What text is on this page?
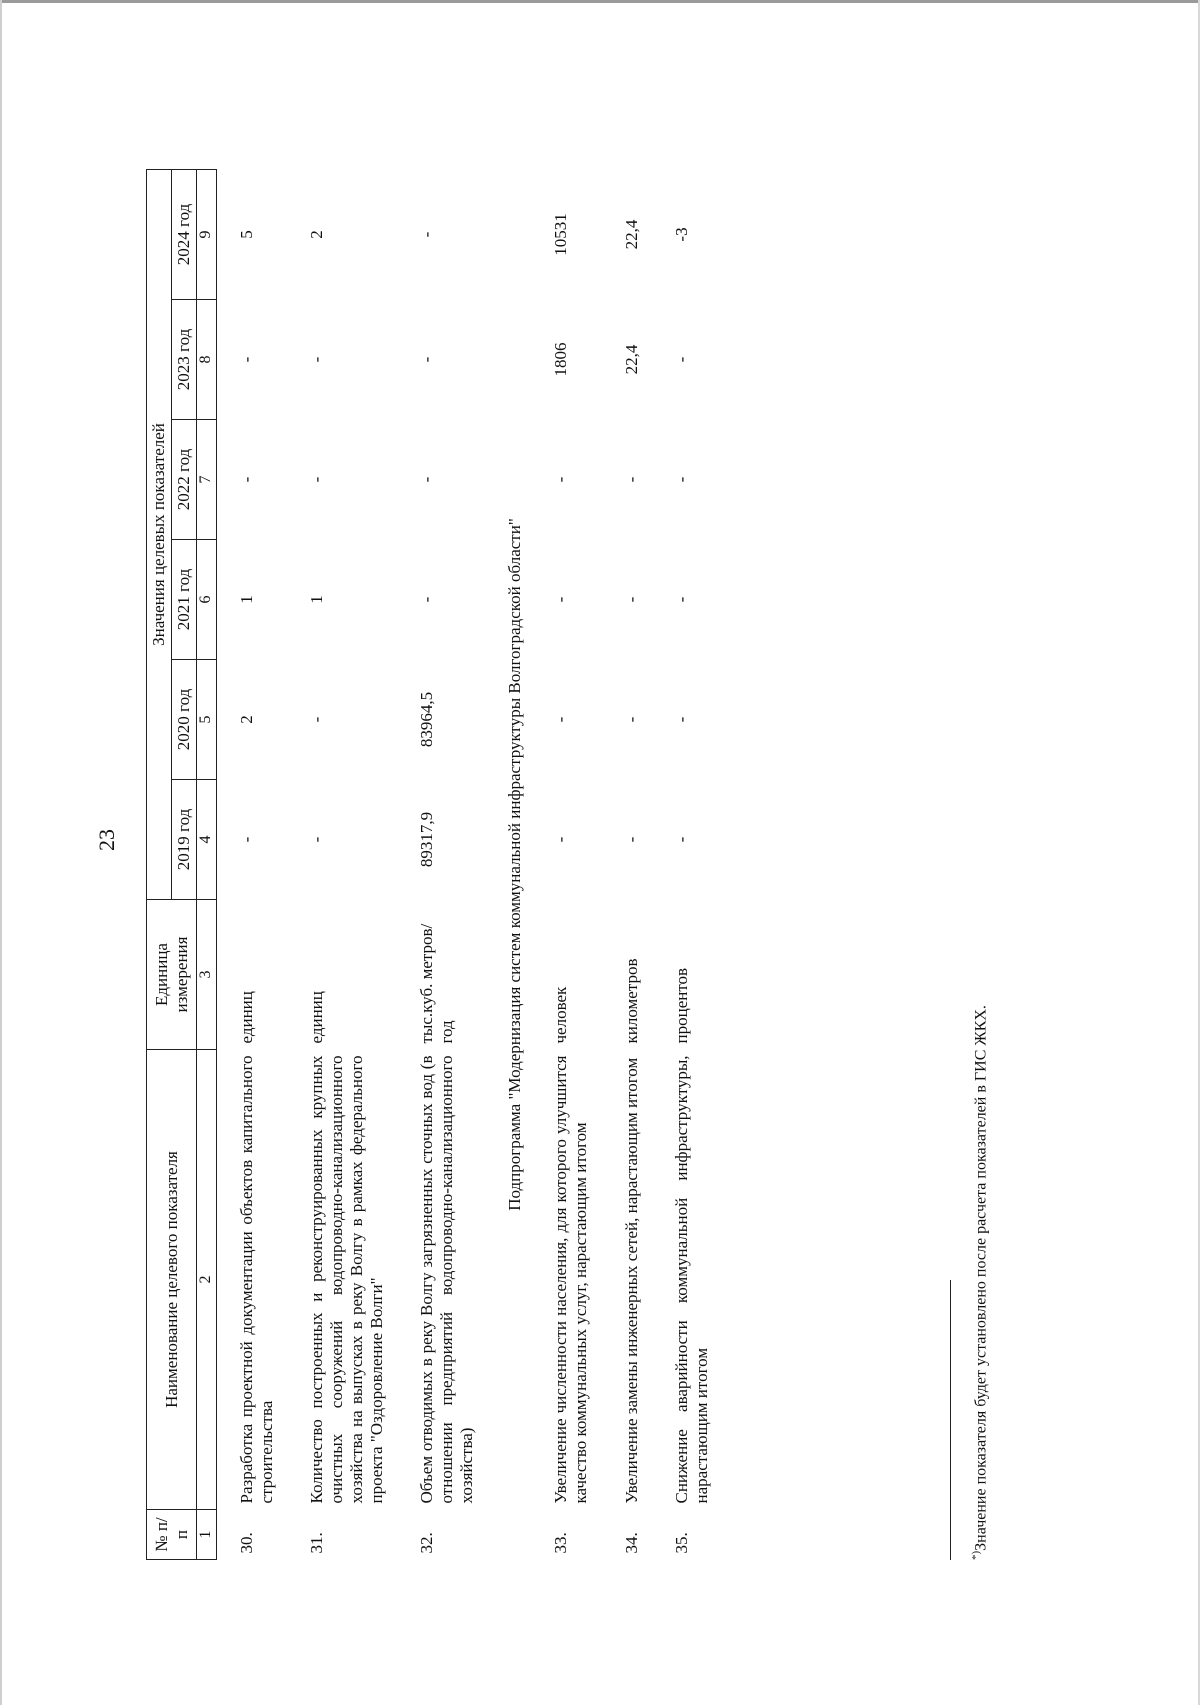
23
№ п/п	Наименование целевого показателя	Единица измерения	Значения целевых показателей					
			2019 год	2020 год	2021 год	2022 год	2023 год	2024 год
1	2	3	4	5	6	7	8	9
30.	Разработка проектной документации объектов капитального строительства	единиц	-	2	1	-	-	5
31.	Количество построенных и реконструированных крупных очистных сооружений водопроводно-канализационного хозяйства на выпусках в реку Волгу в рамках федерального проекта "Оздоровление Волги"	единиц	-	-	1	-	-	2
32.	Объем отводимых в реку Волгу загрязненных сточных вод (в отношении предприятий водопроводно-канализационного хозяйства)	тыс.куб. метров/год	89317,9	83964,5	-	-	-	-
Подпрограмма "Модернизация систем коммунальной инфраструктуры Волгоградской области"								
33.	Увеличение численности населения, для которого улучшится качество коммунальных услуг, нарастающим итогом	человек	-	-	-	-	1806	10531
34.	Увеличение замены инженерных сетей, нарастающим итогом	километров	-	-	-	-	22,4	22,4
35.	Снижение аварийности коммунальной инфраструктуры, нарастающим итогом	процентов	-	-	-	-	-	-3
*)Значение показателя будет установлено после расчета показателей в ГИС ЖКХ.
